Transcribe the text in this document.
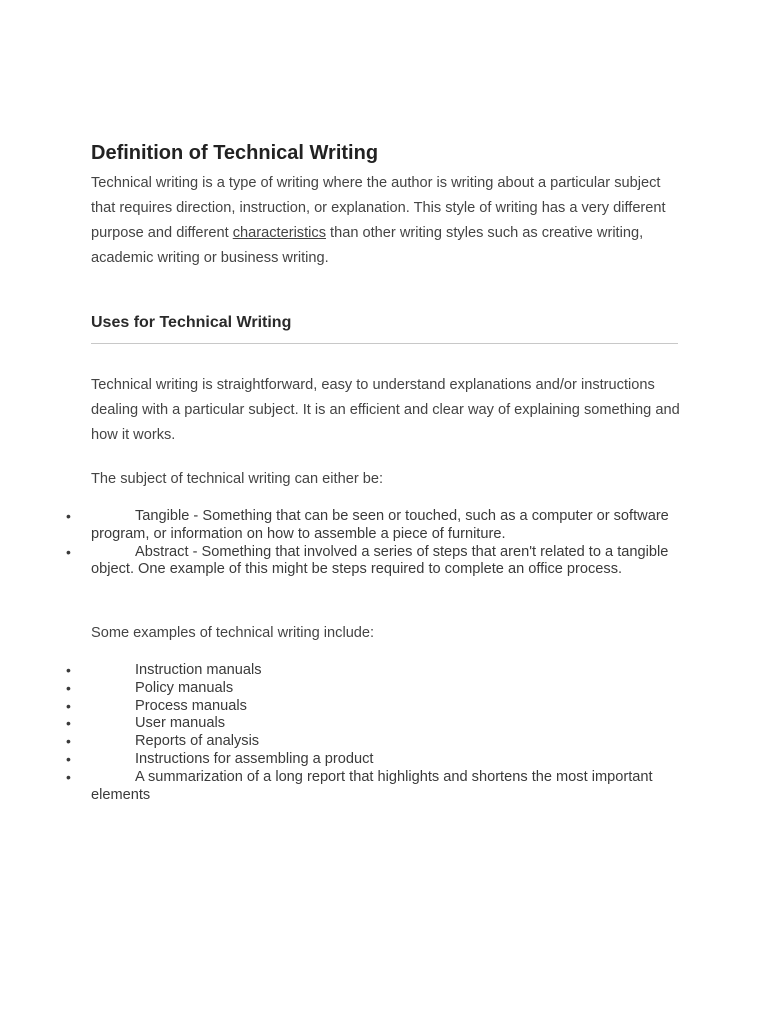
Definition of Technical Writing

Technical writing is a type of writing where the author is writing about a particular subject that requires direction, instruction, or explanation. This style of writing has a very different purpose and different characteristics than other writing styles such as creative writing, academic writing or business writing.

Uses for Technical Writing

Technical writing is straightforward, easy to understand explanations and/or instructions dealing with a particular subject. It is an efficient and clear way of explaining something and how it works.

The subject of technical writing can either be:

•	Tangible - Something that can be seen or touched, such as a computer or software program, or information on how to assemble a piece of furniture.
•	Abstract - Something that involved a series of steps that aren't related to a tangible object. One example of this might be steps required to complete an office process.

Some examples of technical writing include:

•	Instruction manuals
•	Policy manuals
•	Process manuals
•	User manuals
•	Reports of analysis
•	Instructions for assembling a product
•	A summarization of a long report that highlights and shortens the most important elements
